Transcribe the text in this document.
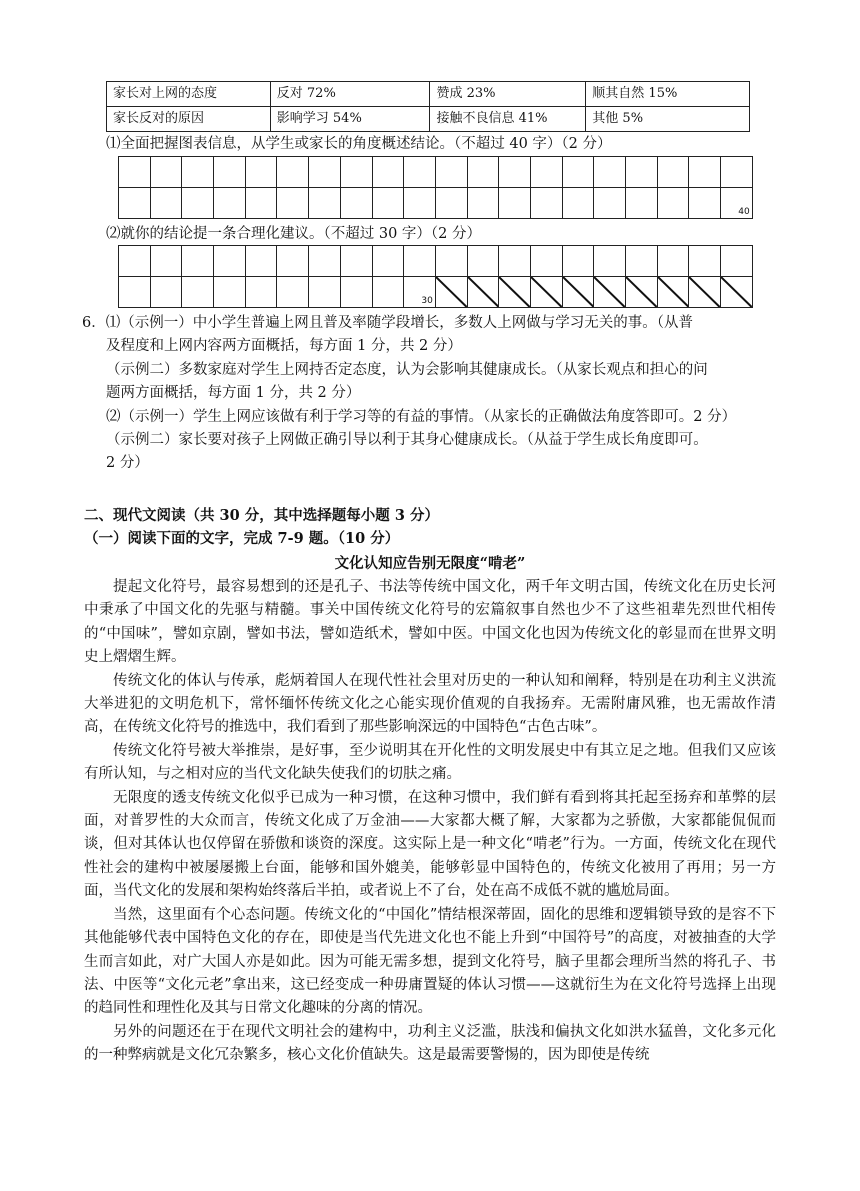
家长对上网的态度	反对 72%	赞成 23%	顺其自然 15%
家长反对的原因	影响学习 54%	接触不良信息 41%	其他 5%
⑴全面把握图表信息，从学生或家长的角度概述结论。（不超过 40 字）（2 分）
40
⑵就你的结论提一条合理化建议。（不超过 30 字）（2 分）
30
6．⑴（示例一）中小学生普遍上网且普及率随学段增长，多数人上网做与学习无关的事。（从普
及程度和上网内容两方面概括，每方面 1 分，共 2 分）
（示例二）多数家庭对学生上网持否定态度，认为会影响其健康成长。（从家长观点和担心的问
题两方面概括，每方面 1 分，共 2 分）
⑵（示例一）学生上网应该做有利于学习等的有益的事情。（从家长的正确做法角度答即可。2 分）
（示例二）家长要对孩子上网做正确引导以利于其身心健康成长。（从益于学生成长角度即可。
2 分）
二、现代文阅读（共 30 分，其中选择题每小题 3 分）
（一）阅读下面的文字，完成 7-9 题。（10 分）
文化认知应告别无限度“啃老”
提起文化符号，最容易想到的还是孔子、书法等传统中国文化，两千年文明古国，传统文化在历史长河中秉承了中国文化的先驱与精髓。事关中国传统文化符号的宏篇叙事自然也少不了这些祖辈先烈世代相传的“中国味”，譬如京剧，譬如书法，譬如造纸术，譬如中医。中国文化也因为传统文化的彰显而在世界文明史上熠熠生辉。
传统文化的体认与传承，彪炳着国人在现代性社会里对历史的一种认知和阐释，特别是在功利主义洪流大举进犯的文明危机下，常怀缅怀传统文化之心能实现价值观的自我扬弃。无需附庸风雅，也无需故作清高，在传统文化符号的推选中，我们看到了那些影响深远的中国特色“古色古味”。
传统文化符号被大举推崇，是好事，至少说明其在开化性的文明发展史中有其立足之地。但我们又应该有所认知，与之相对应的当代文化缺失使我们的切肤之痛。
无限度的透支传统文化似乎已成为一种习惯，在这种习惯中，我们鲜有看到将其托起至扬弃和革弊的层面，对普罗性的大众而言，传统文化成了万金油——大家都大概了解，大家都为之骄傲，大家都能侃侃而谈，但对其体认也仅停留在骄傲和谈资的深度。这实际上是一种文化“啃老”行为。一方面，传统文化在现代性社会的建构中被屡屡搬上台面，能够和国外媲美，能够彰显中国特色的，传统文化被用了再用；另一方面，当代文化的发展和架构始终落后半拍，或者说上不了台，处在高不成低不就的尴尬局面。
当然，这里面有个心态问题。传统文化的“中国化”情结根深蒂固，固化的思维和逻辑锁导致的是容不下其他能够代表中国特色文化的存在，即使是当代先进文化也不能上升到“中国符号”的高度，对被抽查的大学生而言如此，对广大国人亦是如此。因为可能无需多想，提到文化符号，脑子里都会理所当然的将孔子、书法、中医等“文化元老”拿出来，这已经变成一种毋庸置疑的体认习惯——这就衍生为在文化符号选择上出现的趋同性和理性化及其与日常文化趣味的分离的情况。
另外的问题还在于在现代文明社会的建构中，功利主义泛滥，肤浅和偏执文化如洪水猛兽，文化多元化的一种弊病就是文化冗杂繁多，核心文化价值缺失。这是最需要警惕的，因为即使是传统
